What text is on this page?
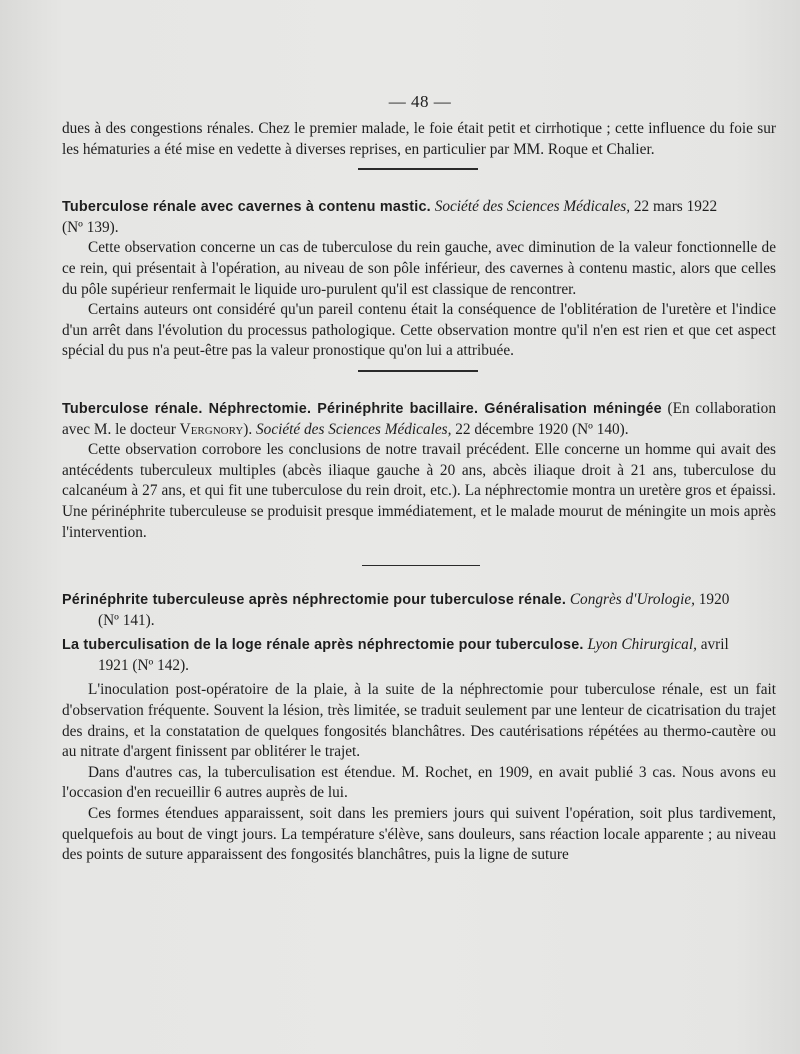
— 48 —

dues à des congestions rénales. Chez le premier malade, le foie était petit et cirrhotique ; cette influence du foie sur les hématuries a été mise en vedette à diverses reprises, en particulier par MM. Roque et Chalier.

Tuberculose rénale avec cavernes à contenu mastic. Société des Sciences Médicales, 22 mars 1922
(Nº 139).

Cette observation concerne un cas de tuberculose du rein gauche, avec diminution de la valeur fonctionnelle de ce rein, qui présentait à l'opération, au niveau de son pôle inférieur, des cavernes à contenu mastic, alors que celles du pôle supérieur renfermait le liquide uro-purulent qu'il est classique de rencontrer.

Certains auteurs ont considéré qu'un pareil contenu était la conséquence de l'oblitération de l'uretère et l'indice d'un arrêt dans l'évolution du processus pathologique. Cette observation montre qu'il n'en est rien et que cet aspect spécial du pus n'a peut-être pas la valeur pronostique qu'on lui a attribuée.

Tuberculose rénale. Néphrectomie. Périnéphrite bacillaire. Généralisation méningée (En collaboration avec M. le docteur Vergnory). Société des Sciences Médicales, 22 décembre 1920 (Nº 140).

Cette observation corrobore les conclusions de notre travail précédent. Elle concerne un homme qui avait des antécédents tuberculeux multiples (abcès iliaque gauche à 20 ans, abcès iliaque droit à 21 ans, tuberculose du calcanéum à 27 ans, et qui fit une tuberculose du rein droit, etc.). La néphrectomie montra un uretère gros et épaissi. Une périnéphrite tuberculeuse se produisit presque immédiatement, et le malade mourut de méningite un mois après l'intervention.

Périnéphrite tuberculeuse après néphrectomie pour tuberculose rénale. Congrès d'Urologie, 1920
(Nº 141).

La tuberculisation de la loge rénale après néphrectomie pour tuberculose. Lyon Chirurgical, avril
1921 (Nº 142).

L'inoculation post-opératoire de la plaie, à la suite de la néphrectomie pour tuberculose rénale, est un fait d'observation fréquente. Souvent la lésion, très limitée, se traduit seulement par une lenteur de cicatrisation du trajet des drains, et la constatation de quelques fongosités blanchâtres. Des cautérisations répétées au thermo-cautère ou au nitrate d'argent finissent par oblitérer le trajet.

Dans d'autres cas, la tuberculisation est étendue. M. Rochet, en 1909, en avait publié 3 cas. Nous avons eu l'occasion d'en recueillir 6 autres auprès de lui.

Ces formes étendues apparaissent, soit dans les premiers jours qui suivent l'opération, soit plus tardivement, quelquefois au bout de vingt jours. La température s'élève, sans douleurs, sans réaction locale apparente ; au niveau des points de suture apparaissent des fongosités blanchâtres, puis la ligne de suture
